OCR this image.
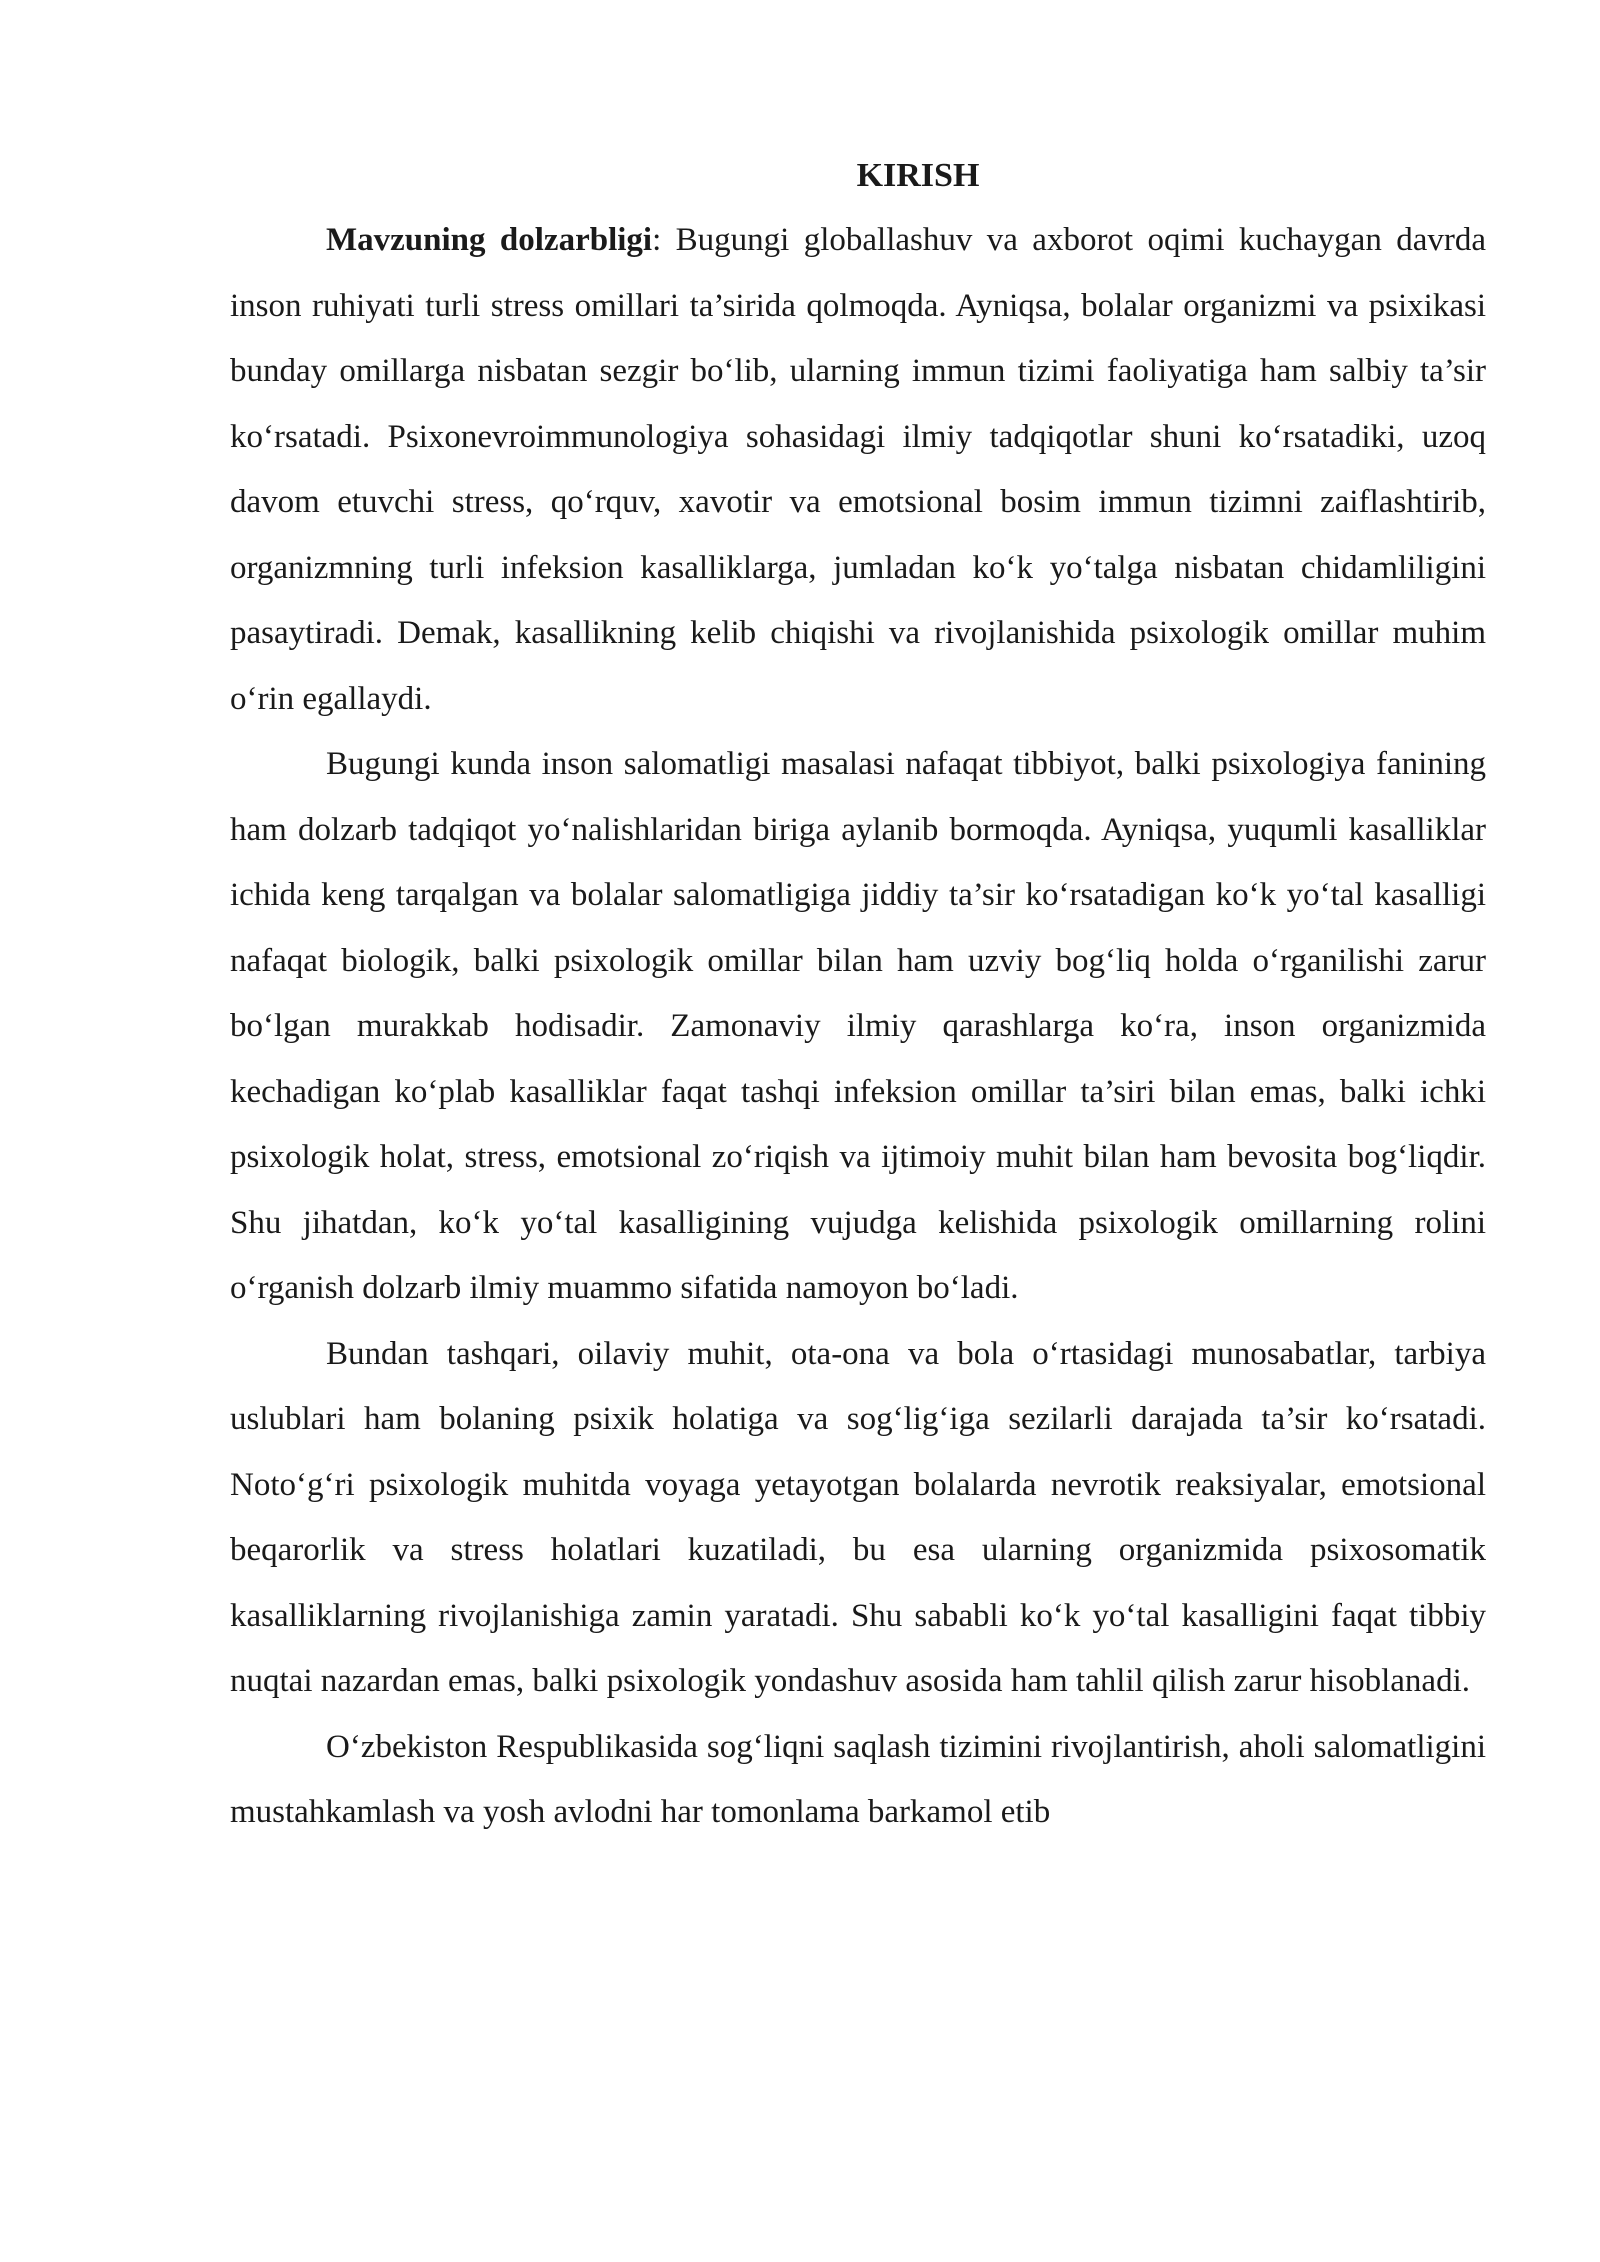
KIRISH

Mavzuning dolzarbligi: Bugungi globallashuv va axborot oqimi kuchaygan davrda inson ruhiyati turli stress omillari ta’sirida qolmoqda. Ayniqsa, bolalar organizmi va psixikasi bunday omillarga nisbatan sezgir bo‘lib, ularning immun tizimi faoliyatiga ham salbiy ta’sir ko‘rsatadi. Psixonevroimmunologiya sohasidagi ilmiy tadqiqotlar shuni ko‘rsatadiki, uzoq davom etuvchi stress, qo‘rquv, xavotir va emotsional bosim immun tizimni zaiflashtirib, organizmning turli infeksion kasalliklarga, jumladan ko‘k yo‘talga nisbatan chidamliligini pasaytiradi. Demak, kasallikning kelib chiqishi va rivojlanishida psixologik omillar muhim o‘rin egallaydi.

Bugungi kunda inson salomatligi masalasi nafaqat tibbiyot, balki psixologiya fanining ham dolzarb tadqiqot yo‘nalishlaridan biriga aylanib bormoqda. Ayniqsa, yuqumli kasalliklar ichida keng tarqalgan va bolalar salomatligiga jiddiy ta’sir ko‘rsatadigan ko‘k yo‘tal kasalligi nafaqat biologik, balki psixologik omillar bilan ham uzviy bog‘liq holda o‘rganilishi zarur bo‘lgan murakkab hodisadir. Zamonaviy ilmiy qarashlarga ko‘ra, inson organizmida kechadigan ko‘plab kasalliklar faqat tashqi infeksion omillar ta’siri bilan emas, balki ichki psixologik holat, stress, emotsional zo‘riqish va ijtimoiy muhit bilan ham bevosita bog‘liqdir. Shu jihatdan, ko‘k yo‘tal kasalligining vujudga kelishida psixologik omillarning rolini o‘rganish dolzarb ilmiy muammo sifatida namoyon bo‘ladi.

Bundan tashqari, oilaviy muhit, ota-ona va bola o‘rtasidagi munosabatlar, tarbiya uslublari ham bolaning psixik holatiga va sog‘lig‘iga sezilarli darajada ta’sir ko‘rsatadi. Noto‘g‘ri psixologik muhitda voyaga yetayotgan bolalarda nevrotik reaksiyalar, emotsional beqarorlik va stress holatlari kuzatiladi, bu esa ularning organizmida psixosomatik kasalliklarning rivojlanishiga zamin yaratadi. Shu sababli ko‘k yo‘tal kasalligini faqat tibbiy nuqtai nazardan emas, balki psixologik yondashuv asosida ham tahlil qilish zarur hisoblanadi.

O‘zbekiston Respublikasida sog‘liqni saqlash tizimini rivojlantirish, aholi salomatligini mustahkamlash va yosh avlodni har tomonlama barkamol etib
